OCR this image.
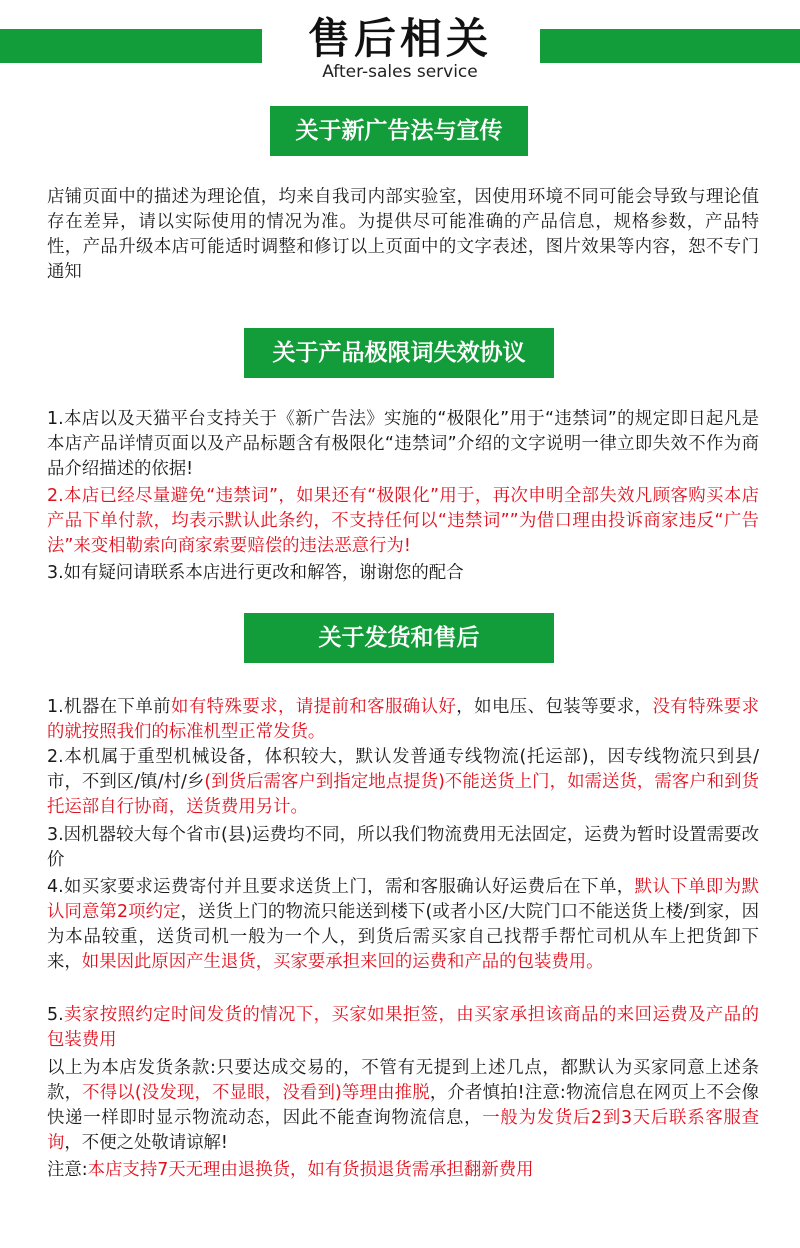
售后相关
After-sales service
关于新广告法与宣传

店铺页面中的描述为理论值，均来自我司内部实验室，因使用环境不同可能会导致与理论值存在差异，请以实际使用的情况为准。为提供尽可能准确的产品信息，规格参数，产品特性，产品升级本店可能适时调整和修订以上页面中的文字表述，图片效果等内容，恕不专门通知

关于产品极限词失效协议

1.本店以及天猫平台支持关于《新广告法》实施的“极限化”用于“违禁词”的规定即日起凡是本店产品详情页面以及产品标题含有极限化“违禁词”介绍的文字说明一律立即失效不作为商品介绍描述的依据!

2.本店已经尽量避免“违禁词”，如果还有“极限化”用于，再次申明全部失效凡顾客购买本店产品下单付款，均表示默认此条约，不支持任何以“违禁词””为借口理由投诉商家违反“广告法”来变相勒索向商家索要赔偿的违法恶意行为!

3.如有疑问请联系本店进行更改和解答，谢谢您的配合

关于发货和售后

1.机器在下单前如有特殊要求，请提前和客服确认好，如电压、包装等要求，没有特殊要求的就按照我们的标准机型正常发货。

2.本机属于重型机械设备，体积较大，默认发普通专线物流(托运部)，因专线物流只到县/市，不到区/镇/村/乡(到货后需客户到指定地点提货)不能送货上门，如需送货，需客户和到货托运部自行协商，送货费用另计。

3.因机器较大每个省市(县)运费均不同，所以我们物流费用无法固定，运费为暂时设置需要改价

4.如买家要求运费寄付并且要求送货上门，需和客服确认好运费后在下单，默认下单即为默认同意第2项约定，送货上门的物流只能送到楼下(或者小区/大院门口不能送货上楼/到家，因为本品较重，送货司机一般为一个人，到货后需买家自己找帮手帮忙司机从车上把货卸下来，如果因此原因产生退货，买家要承担来回的运费和产品的包装费用。

5.卖家按照约定时间发货的情况下，买家如果拒签，由买家承担该商品的来回运费及产品的包装费用

以上为本店发货条款:只要达成交易的，不管有无提到上述几点，都默认为买家同意上述条款，不得以(没发现，不显眼，没看到)等理由推脱，介者慎拍!注意:物流信息在网页上不会像快递一样即时显示物流动态，因此不能查询物流信息，一般为发货后2到3天后联系客服查询，不便之处敬请谅解!

注意:本店支持7天无理由退换货，如有货损退货需承担翻新费用
